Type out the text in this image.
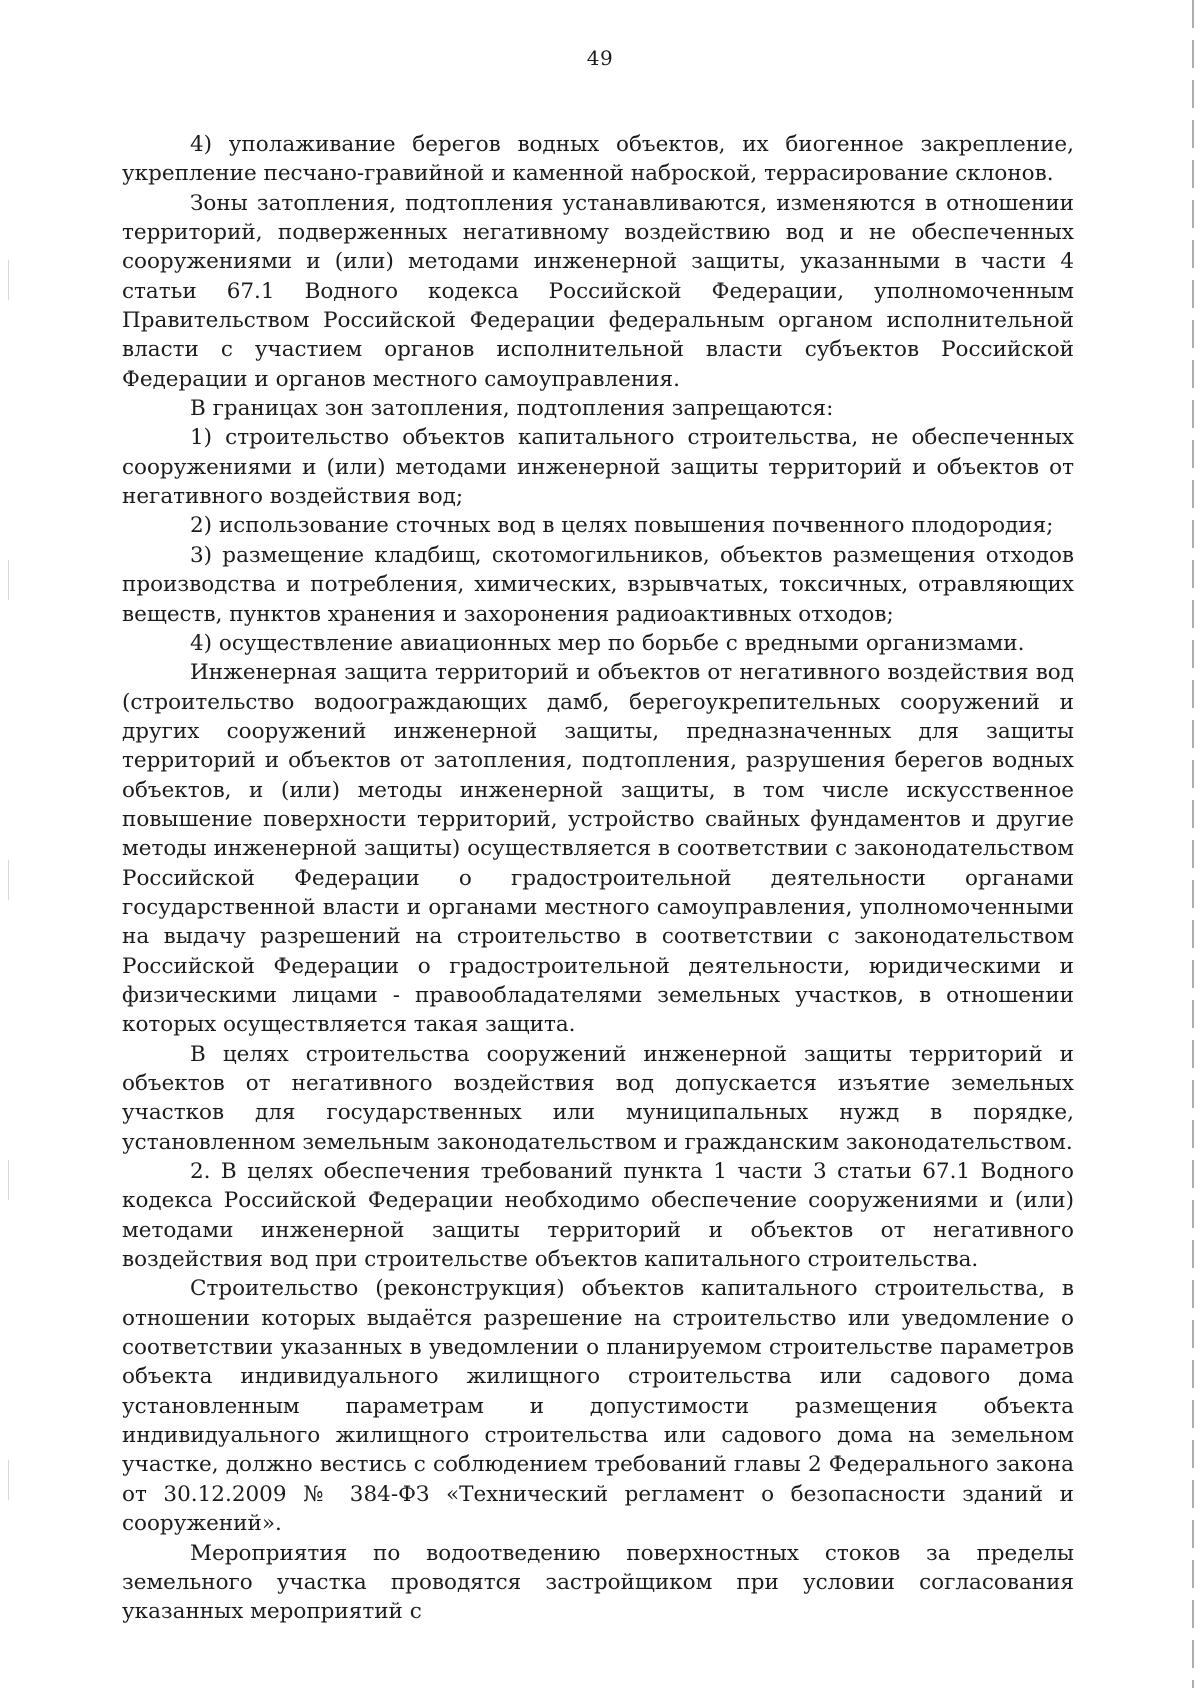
49

4) уполаживание берегов водных объектов, их биогенное закрепление, укрепление песчано-гравийной и каменной наброской, террасирование склонов.

Зоны затопления, подтопления устанавливаются, изменяются в отношении территорий, подверженных негативному воздействию вод и не обеспеченных сооружениями и (или) методами инженерной защиты, указанными в части 4 статьи 67.1 Водного кодекса Российской Федерации, уполномоченным Правительством Российской Федерации федеральным органом исполнительной власти с участием органов исполнительной власти субъектов Российской Федерации и органов местного самоуправления.

В границах зон затопления, подтопления запрещаются:

1) строительство объектов капитального строительства, не обеспеченных сооружениями и (или) методами инженерной защиты территорий и объектов от негативного воздействия вод;

2) использование сточных вод в целях повышения почвенного плодородия;

3) размещение кладбищ, скотомогильников, объектов размещения отходов производства и потребления, химических, взрывчатых, токсичных, отравляющих веществ, пунктов хранения и захоронения радиоактивных отходов;

4) осуществление авиационных мер по борьбе с вредными организмами.

Инженерная защита территорий и объектов от негативного воздействия вод (строительство водоограждающих дамб, берегоукрепительных сооружений и других сооружений инженерной защиты, предназначенных для защиты территорий и объектов от затопления, подтопления, разрушения берегов водных объектов, и (или) методы инженерной защиты, в том числе искусственное повышение поверхности территорий, устройство свайных фундаментов и другие методы инженерной защиты) осуществляется в соответствии с законодательством Российской Федерации о градостроительной деятельности органами государственной власти и органами местного самоуправления, уполномоченными на выдачу разрешений на строительство в соответствии с законодательством Российской Федерации о градостроительной деятельности, юридическими и физическими лицами - правообладателями земельных участков, в отношении которых осуществляется такая защита.

В целях строительства сооружений инженерной защиты территорий и объектов от негативного воздействия вод допускается изъятие земельных участков для государственных или муниципальных нужд в порядке, установленном земельным законодательством и гражданским законодательством.

2. В целях обеспечения требований пункта 1 части 3 статьи 67.1 Водного кодекса Российской Федерации необходимо обеспечение сооружениями и (или) методами инженерной защиты территорий и объектов от негативного воздействия вод при строительстве объектов капитального строительства.

Строительство (реконструкция) объектов капитального строительства, в отношении которых выдаётся разрешение на строительство или уведомление о соответствии указанных в уведомлении о планируемом строительстве параметров объекта индивидуального жилищного строительства или садового дома установленным параметрам и допустимости размещения объекта индивидуального жилищного строительства или садового дома на земельном участке, должно вестись с соблюдением требований главы 2 Федерального закона от 30.12.2009 № 384-ФЗ «Технический регламент о безопасности зданий и сооружений».

Мероприятия по водоотведению поверхностных стоков за пределы земельного участка проводятся застройщиком при условии согласования указанных мероприятий с
